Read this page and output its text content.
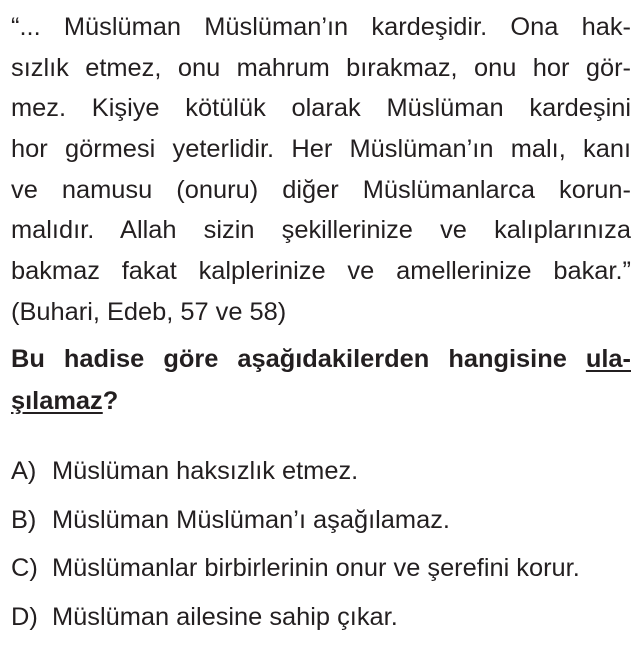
“... Müslüman Müslüman’ın kardeşidir. Ona hak-
sızlık etmez, onu mahrum bırakmaz, onu hor gör-
mez. Kişiye kötülük olarak Müslüman kardeşini
hor görmesi yeterlidir. Her Müslüman’ın malı, kanı
ve namusu (onuru) diğer Müslümanlarca korun-
malıdır. Allah sizin şekillerinize ve kalıplarınıza
bakmaz fakat kalplerinize ve amellerinize bakar.”
(Buhari, Edeb, 57 ve 58)
Bu hadise göre aşağıdakilerden hangisine ula-
şılamaz?
A) Müslüman haksızlık etmez.
B) Müslüman Müslüman’ı aşağılamaz.
C) Müslümanlar birbirlerinin onur ve şerefini korur.
D) Müslüman ailesine sahip çıkar.
